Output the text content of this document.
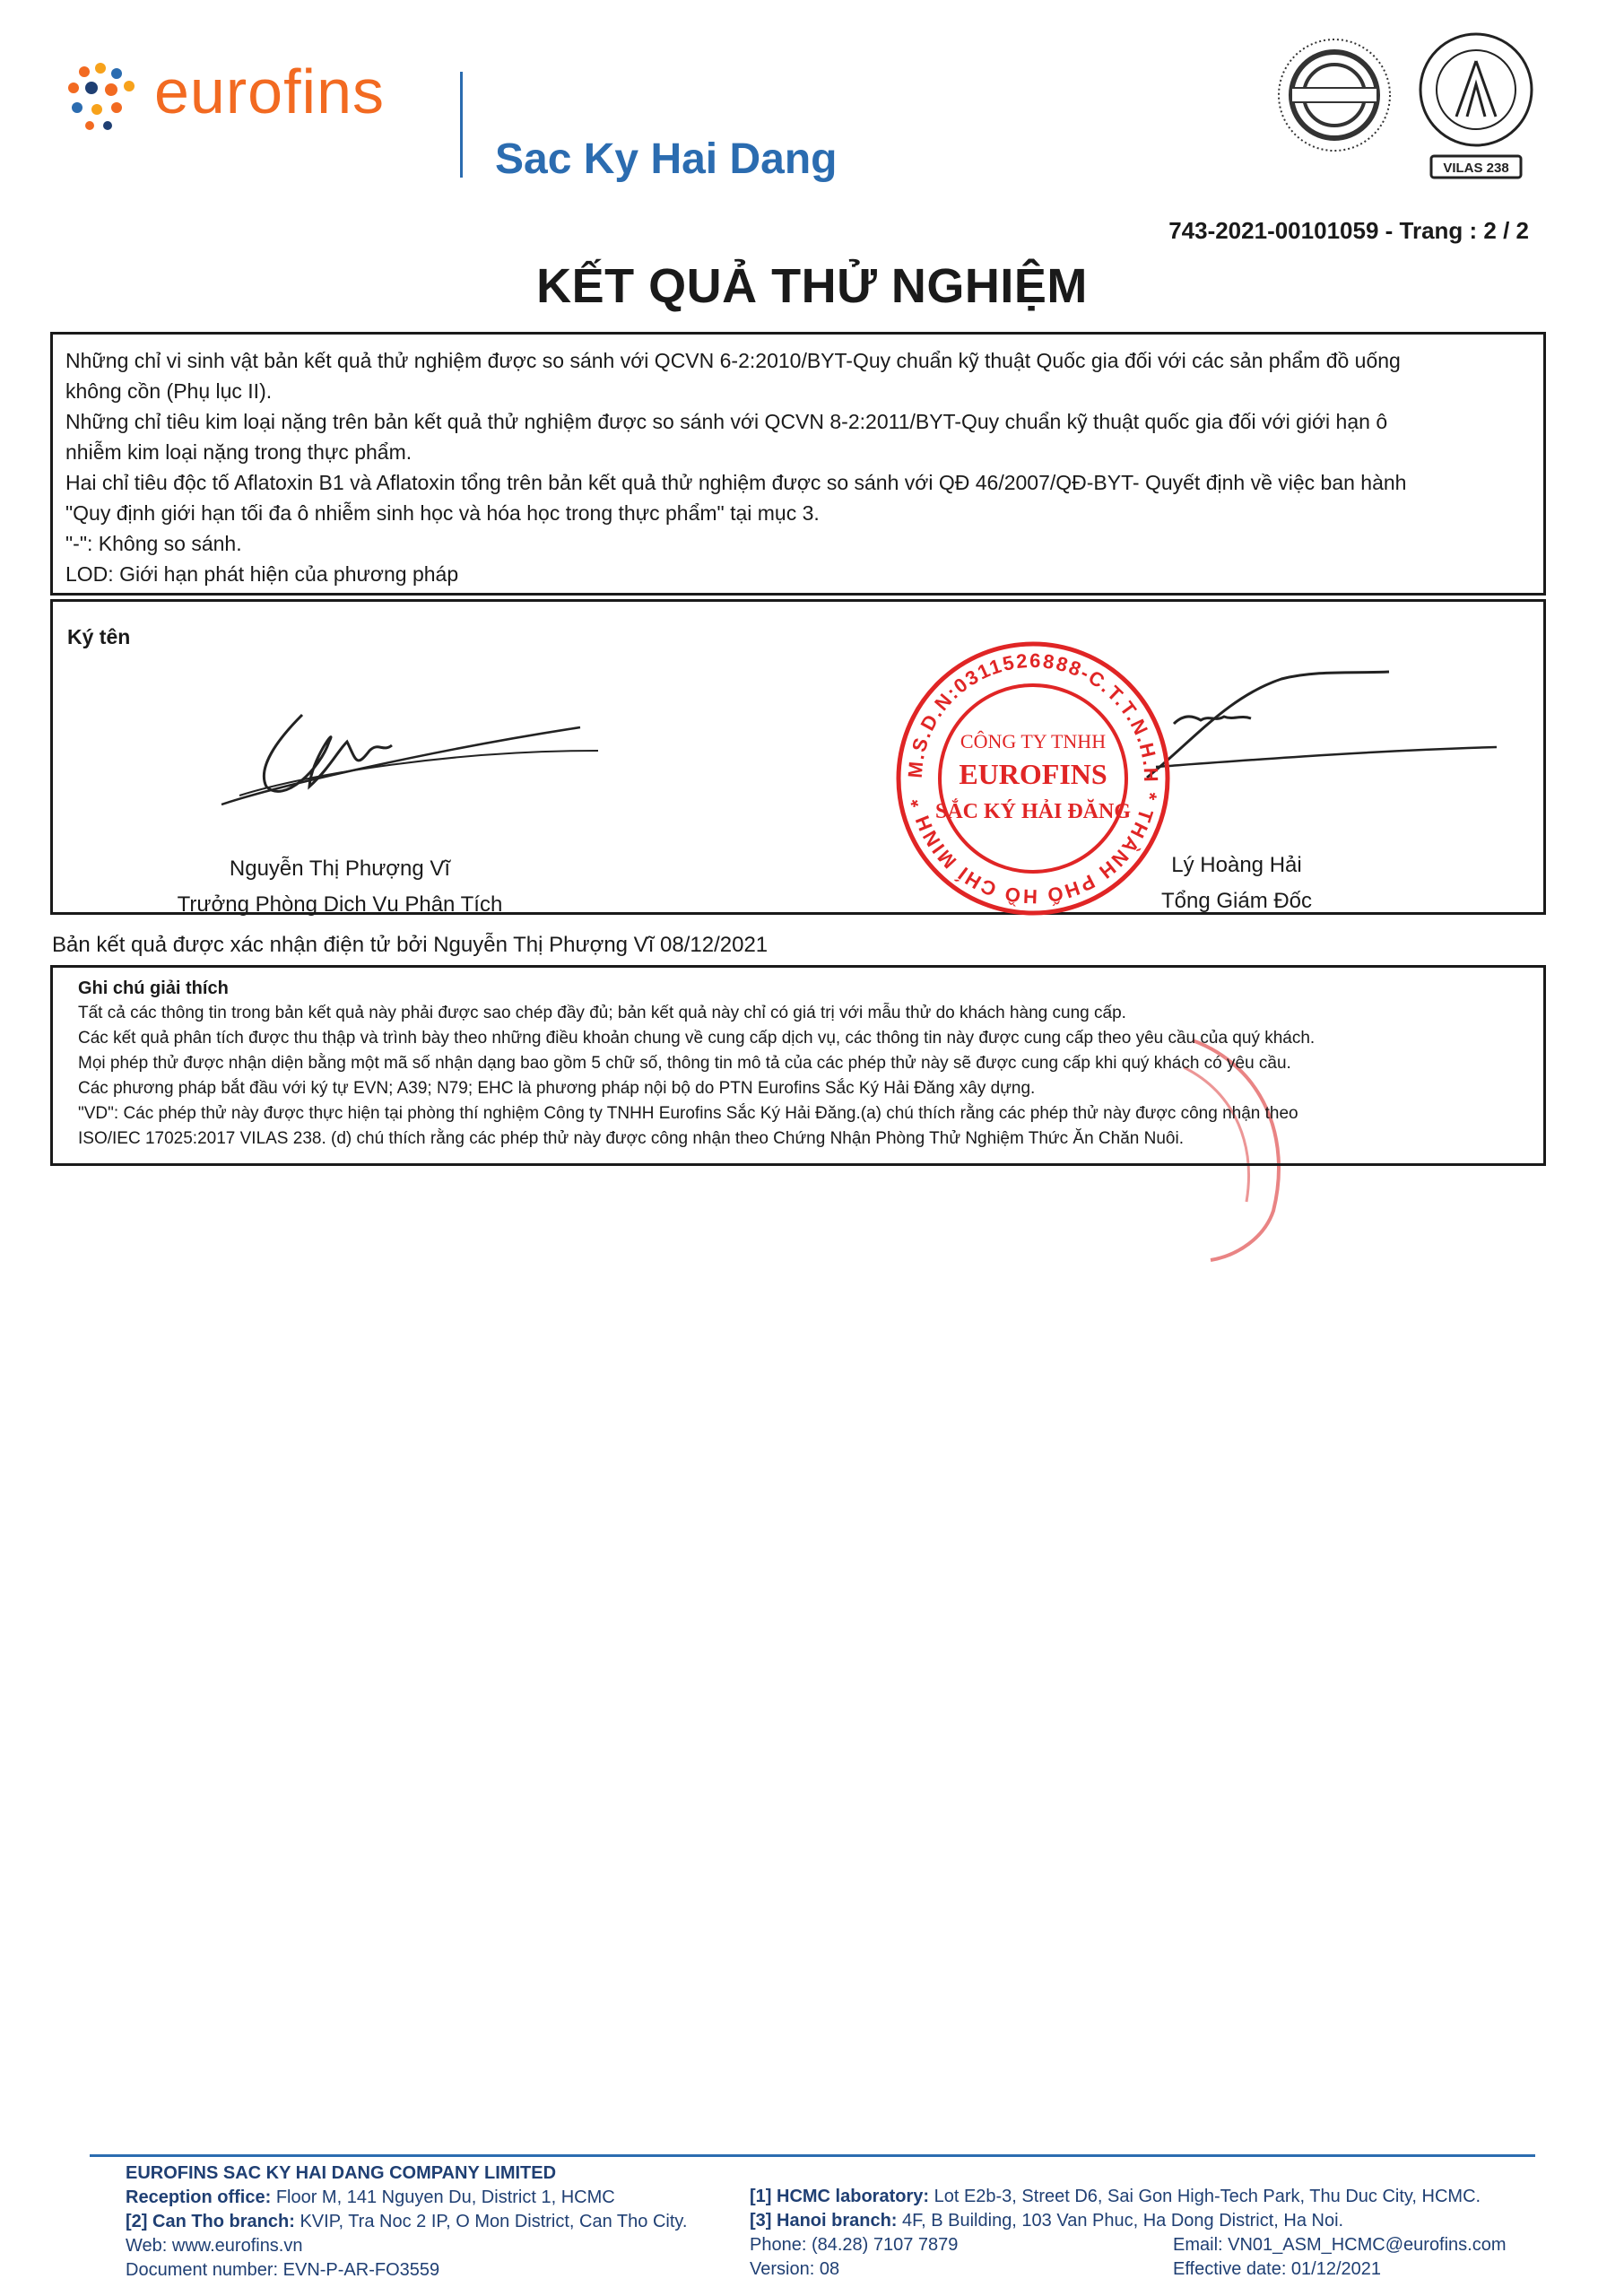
eurofins
Sac Ky Hai Dang	VILAS 238
743-2021-00101059 - Trang : 2 / 2
KẾT QUẢ THỬ NGHIỆM

Những chỉ vi sinh vật bản kết quả thử nghiệm được so sánh với QCVN 6-2:2010/BYT-Quy chuẩn kỹ thuật Quốc gia đối với các sản phẩm đồ uống

không cồn (Phụ lục II).

Những chỉ tiêu kim loại nặng trên bản kết quả thử nghiệm được so sánh với QCVN 8-2:2011/BYT-Quy chuẩn kỹ thuật quốc gia đối với giới hạn ô

nhiễm kim loại nặng trong thực phẩm.

Hai chỉ tiêu độc tố Aflatoxin B1 và Aflatoxin tổng trên bản kết quả thử nghiệm được so sánh với QĐ 46/2007/QĐ-BYT- Quyết định về việc ban hành

"Quy định giới hạn tối đa ô nhiễm sinh học và hóa học trong thực phẩm" tại mục 3.

"-": Không so sánh.

LOD: Giới hạn phát hiện của phương pháp

Ký tên
Nguyễn Thị Phượng Vĩ
Trưởng Phòng Dịch Vụ Phân Tích
Lý Hoàng Hải
Tổng Giám Đốc
M.S.D.N:0311526888-C.T.T.N.H.H * THÀNH PHỐ HỒ CHÍ MINH *
CÔNG TY TNHH
EUROFINS
SẮC KÝ HẢI ĐĂNG
Bản kết quả được xác nhận điện tử bởi Nguyễn Thị Phượng Vĩ 08/12/2021
Ghi chú giải thích

Tất cả các thông tin trong bản kết quả này phải được sao chép đầy đủ; bản kết quả này chỉ có giá trị với mẫu thử do khách hàng cung cấp.

Các kết quả phân tích được thu thập và trình bày theo những điều khoản chung về cung cấp dịch vụ, các thông tin này được cung cấp theo yêu cầu của quý khách.

Mọi phép thử được nhận diện bằng một mã số nhận dạng bao gồm 5 chữ số, thông tin mô tả của các phép thử này sẽ được cung cấp khi quý khách có yêu cầu.

Các phương pháp bắt đầu với ký tự EVN; A39; N79; EHC là phương pháp nội bộ do PTN Eurofins Sắc Ký Hải Đăng xây dựng.

"VD": Các phép thử này được thực hiện tại phòng thí nghiệm Công ty TNHH Eurofins Sắc Ký Hải Đăng.(a) chú thích rằng các phép thử này được công nhận theo

ISO/IEC 17025:2017 VILAS 238. (d) chú thích rằng các phép thử này được công nhận theo Chứng Nhận Phòng Thử Nghiệm Thức Ăn Chăn Nuôi.

EUROFINS SAC KY HAI DANG COMPANY LIMITED
Reception office: Floor M, 141 Nguyen Du, District 1, HCMC
[2] Can Tho branch: KVIP, Tra Noc 2 IP, O Mon District, Can Tho City.
Web: www.eurofins.vn
Document number: EVN-P-AR-FO3559
[1] HCMC laboratory: Lot E2b-3, Street D6, Sai Gon High-Tech Park, Thu Duc City, HCMC.
[3] Hanoi branch: 4F, B Building, 103 Van Phuc, Ha Dong District, Ha Noi.
Phone: (84.28) 7107 7879
Version: 08
Email: VN01_ASM_HCMC@eurofins.com
Effective date: 01/12/2021
